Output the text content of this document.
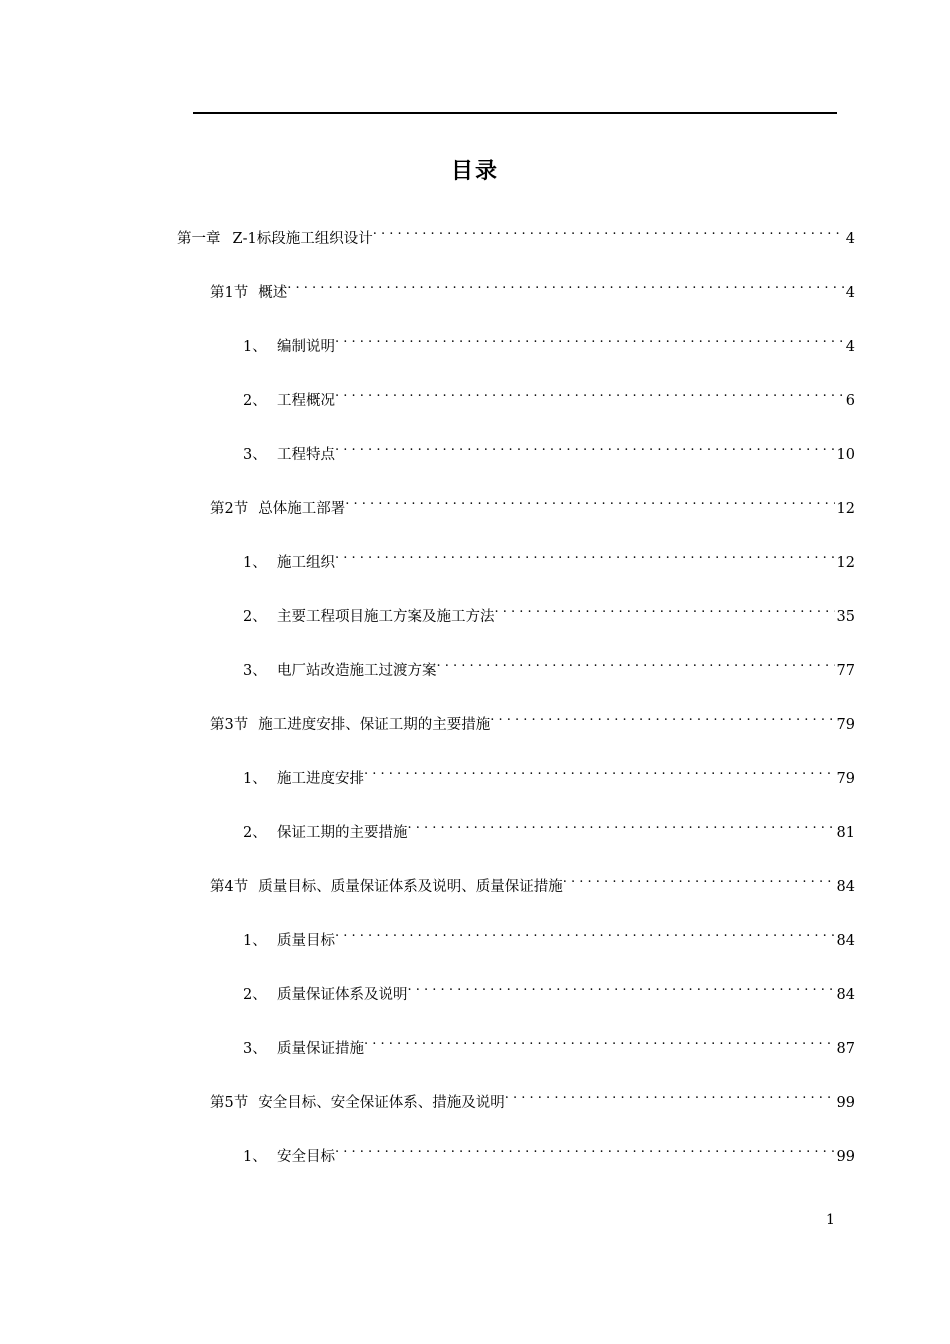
目录
第一章 Z-1标段施工组织设计 . . .	4
第1节 概述 . . .	4
1、 编制说明 . . .	4
2、 工程概况 . . .	6
3、 工程特点 . . .	10
第2节 总体施工部署 . . .	12
1、 施工组织 . . .	12
2、 主要工程项目施工方案及施工方法 . . .	35
3、 电厂站改造施工过渡方案 . . .	77
第3节 施工进度安排、保证工期的主要措施 . . .	79
1、 施工进度安排 . . .	79
2、 保证工期的主要措施 . . .	81
第4节 质量目标、质量保证体系及说明、质量保证措施 . . .	84
1、 质量目标 . . .	84
2、 质量保证体系及说明 . . .	84
3、 质量保证措施 . . .	87
第5节 安全目标、安全保证体系、措施及说明 . . .	99
1、 安全目标 . . .	99
1
